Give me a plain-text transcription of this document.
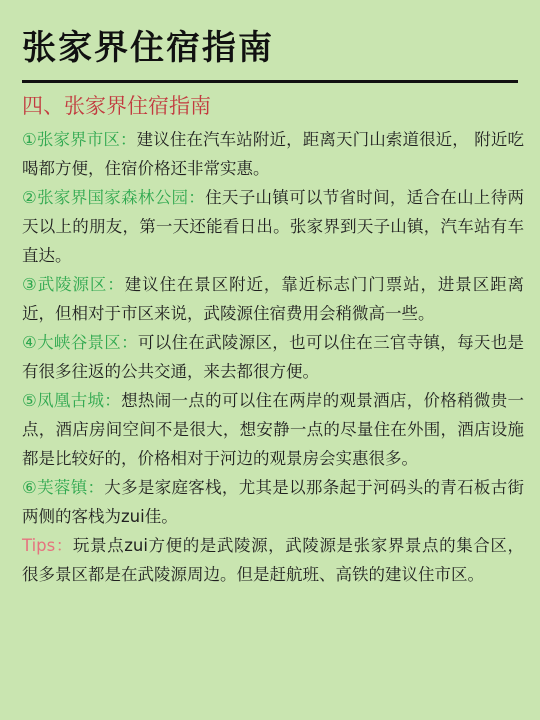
张家界住宿指南
四、张家界住宿指南

①张家界市区：建议住在汽车站附近，距离天门山索道很近， 附近吃喝都方便，住宿价格还非常实惠。

②张家界国家森林公园：住天子山镇可以节省时间，适合在山上待两天以上的朋友，第一天还能看日出。张家界到天子山镇，汽车站有车直达。

③武陵源区：建议住在景区附近，靠近标志门门票站，进景区距离近，但相对于市区来说，武陵源住宿费用会稍微高一些。

④大峡谷景区：可以住在武陵源区，也可以住在三官寺镇，每天也是有很多往返的公共交通，来去都很方便。

⑤凤凰古城：想热闹一点的可以住在两岸的观景酒店，价格稍微贵一点，酒店房间空间不是很大，想安静一点的尽量住在外围，酒店设施都是比较好的，价格相对于河边的观景房会实惠很多。

⑥芙蓉镇：大多是家庭客栈，尤其是以那条起于河码头的青石板古街两侧的客栈为zui佳。

Tips：玩景点zui方便的是武陵源，武陵源是张家界景点的集合区，很多景区都是在武陵源周边。但是赶航班、高铁的建议住市区。
